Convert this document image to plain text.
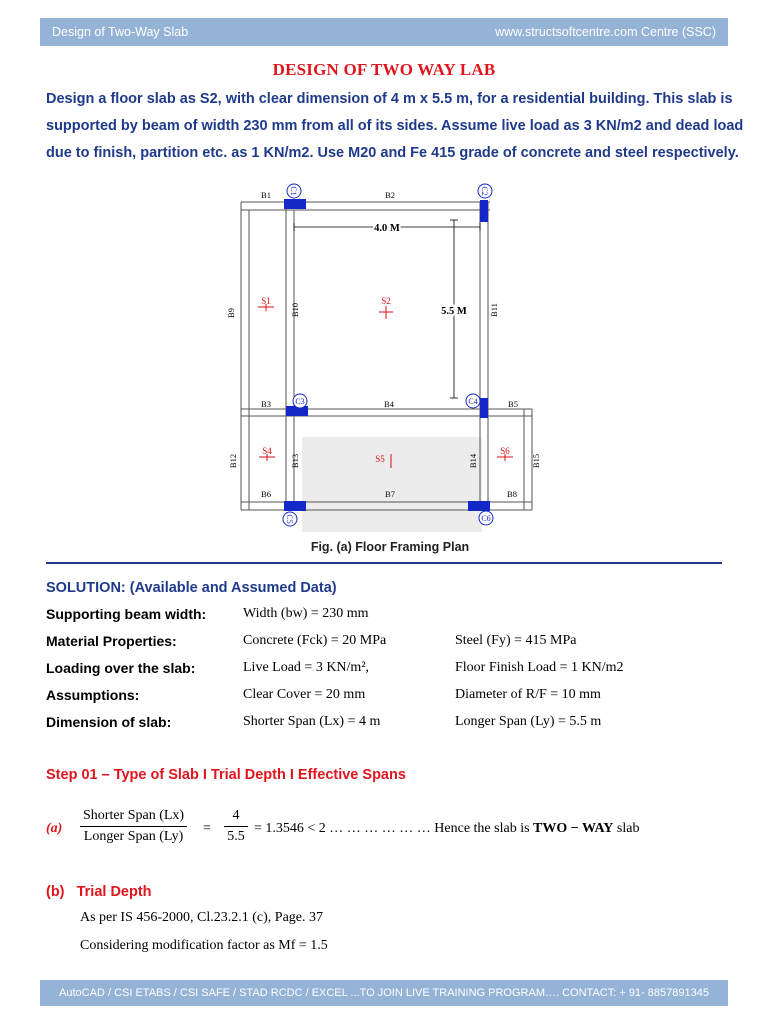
Design of Two-Way Slab	www.structsoftcentre.com Centre (SSC)
DESIGN OF TWO WAY LAB
Design a floor slab as S2, with clear dimension of 4 m x 5.5 m, for a residential building. This slab is
supported by beam of width 230 mm from all of its sides. Assume live load as 3 KN/m2 and dead load
due to finish, partition etc. as 1 KN/m2. Use M20 and Fe 415 grade of concrete and steel respectively.
C1	C2
C3	C4
C5	C6
4.0 M
5.5 M
B1	B2
B3	B4	B5
B6	B7	B8
B9	B10	B11
B12	B13	B14	B15
S1	S2
S4
S5
S6
Fig. (a) Floor Framing Plan
SOLUTION: (Available and Assumed Data)
Supporting beam width:	Width (bw) = 230 mm
Material Properties:	Concrete (Fck) = 20 MPa	Steel (Fy) = 415 MPa
Loading over the slab:	Live Load = 3 KN/m²,	Floor Finish Load = 1 KN/m2
Assumptions:	Clear Cover = 20 mm	Diameter of R/F = 10 mm
Dimension of slab:	Shorter Span (Lx) = 4 m	Longer Span (Ly) = 5.5 m
Step 01 – Type of Slab I Trial Depth I Effective Spans
(a)
Shorter Span (Lx)
Longer Span (Ly)
= $\frac{4}{5.5} = 1.3546 < 2$ … … … … … … Hence the slab is TWO − WAY slab
(b)   Trial Depth
As per IS 456-2000, Cl.23.2.1 (c), Page. 37
Considering modification factor as Mf = 1.5
AutoCAD / CSI ETABS / CSI SAFE / STAD RCDC / EXCEL ...TO JOIN LIVE TRAINING PROGRAM…. CONTACT: + 91- 8857891345
